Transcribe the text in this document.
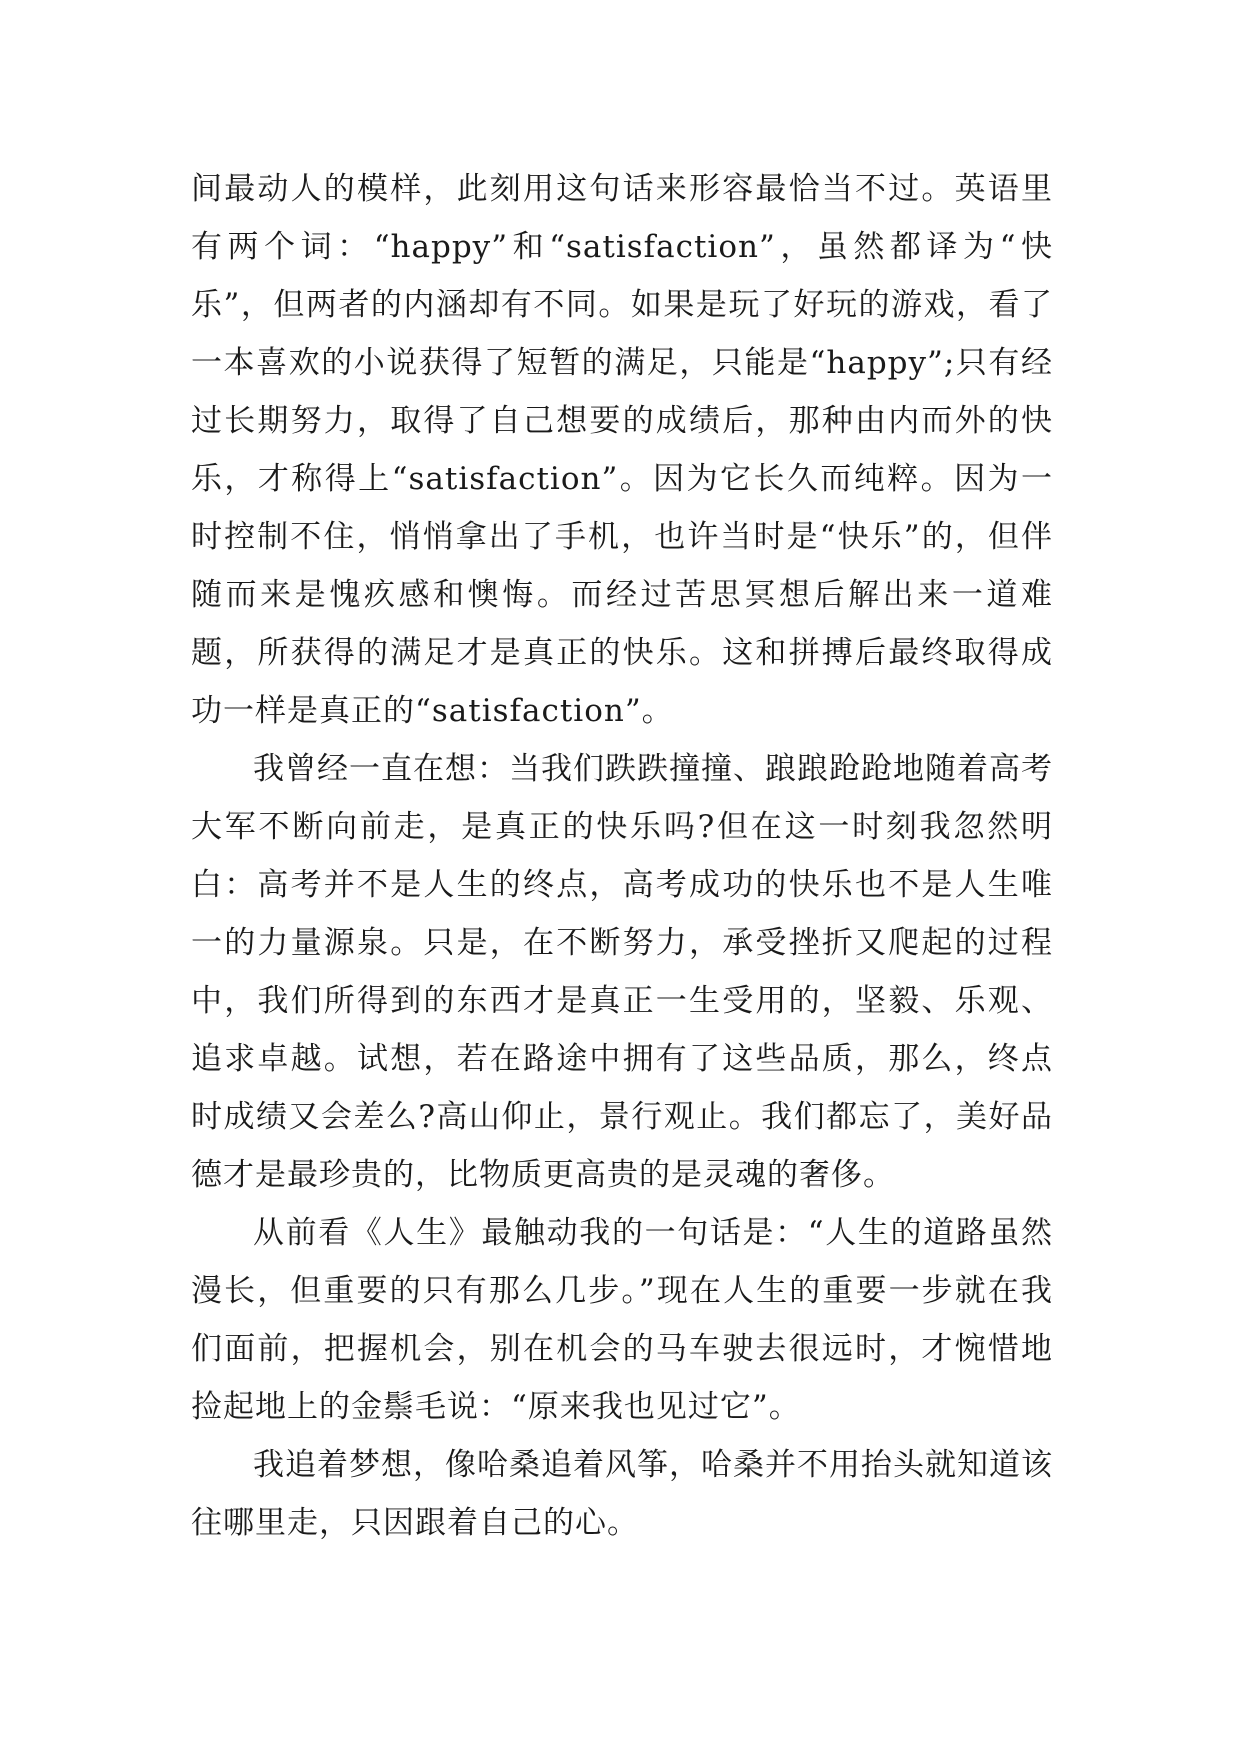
间最动人的模样，此刻用这句话来形容最恰当不过。英语里有两个词：“happy”和“satisfaction”，虽然都译为“快乐”，但两者的内涵却有不同。如果是玩了好玩的游戏，看了一本喜欢的小说获得了短暂的满足，只能是“happy”;只有经过长期努力，取得了自己想要的成绩后，那种由内而外的快乐，才称得上“satisfaction”。因为它长久而纯粹。因为一时控制不住，悄悄拿出了手机，也许当时是“快乐”的，但伴随而来是愧疚感和懊悔。而经过苦思冥想后解出来一道难题，所获得的满足才是真正的快乐。这和拼搏后最终取得成功一样是真正的“satisfaction”。

我曾经一直在想：当我们跌跌撞撞、踉踉跄跄地随着高考大军不断向前走，是真正的快乐吗?但在这一时刻我忽然明白：高考并不是人生的终点，高考成功的快乐也不是人生唯一的力量源泉。只是，在不断努力，承受挫折又爬起的过程中，我们所得到的东西才是真正一生受用的，坚毅、乐观、追求卓越。试想，若在路途中拥有了这些品质，那么，终点时成绩又会差么?高山仰止，景行观止。我们都忘了，美好品德才是最珍贵的，比物质更高贵的是灵魂的奢侈。

从前看《人生》最触动我的一句话是：“人生的道路虽然漫长，但重要的只有那么几步。”现在人生的重要一步就在我们面前，把握机会，别在机会的马车驶去很远时，才惋惜地捡起地上的金鬃毛说：“原来我也见过它”。

我追着梦想，像哈桑追着风筝，哈桑并不用抬头就知道该往哪里走，只因跟着自己的心。
